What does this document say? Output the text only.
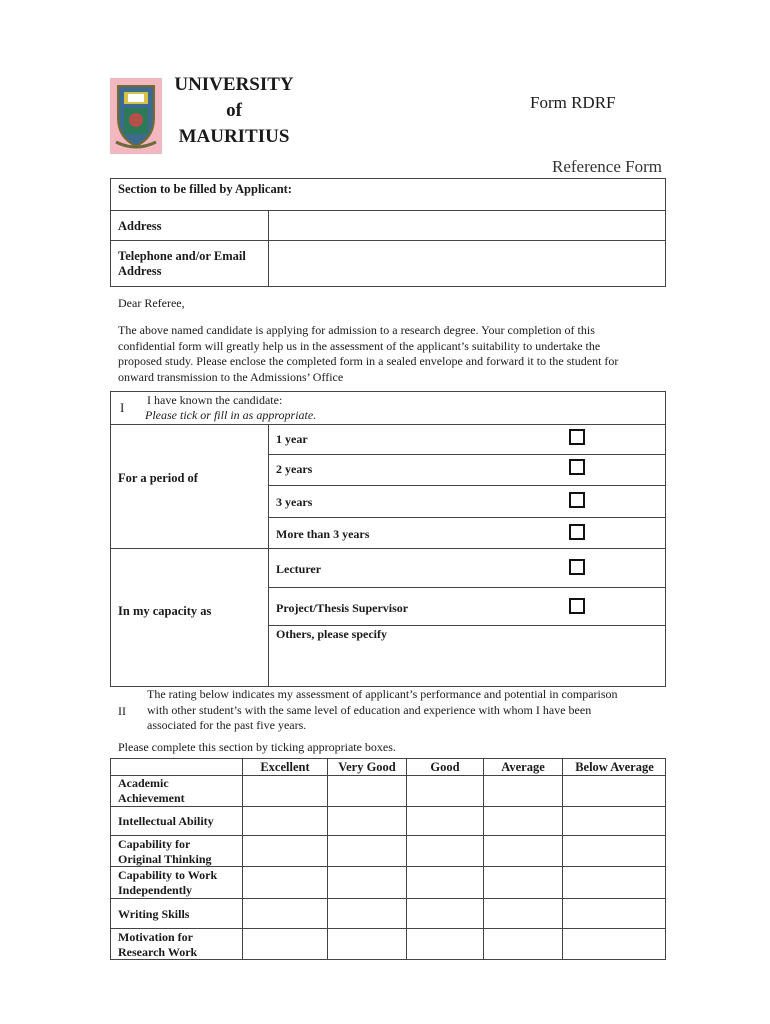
UNIVERSITY
of
MAURITIUS
Form RDRF
Reference Form
Section to be filled by Applicant:
Address
Telephone and/or Email
Address
Dear Referee,
The above named candidate is applying for admission to a research degree. Your completion of this
confidential form will greatly help us in the assessment of the applicant’s suitability to undertake the
proposed study. Please enclose the completed form in a sealed envelope and forward it to the student for
onward transmission to the Admissions’ Office
I I have known the candidate:
Please tick or fill in as appropriate.
For a period of
1 year
2 years
3 years
More than 3 years
In my capacity as
Lecturer
Project/Thesis Supervisor
Others, please specify
II
The rating below indicates my assessment of applicant’s performance and potential in comparison
with other student’s with the same level of education and experience with whom I have been
associated for the past five years.
Please complete this section by ticking appropriate boxes.
Excellent	Very Good	Good	Average	Below Average
Academic
Achievement
Intellectual Ability
Capability for
Original Thinking
Capability to Work
Independently
Writing Skills
Motivation for
Research Work
